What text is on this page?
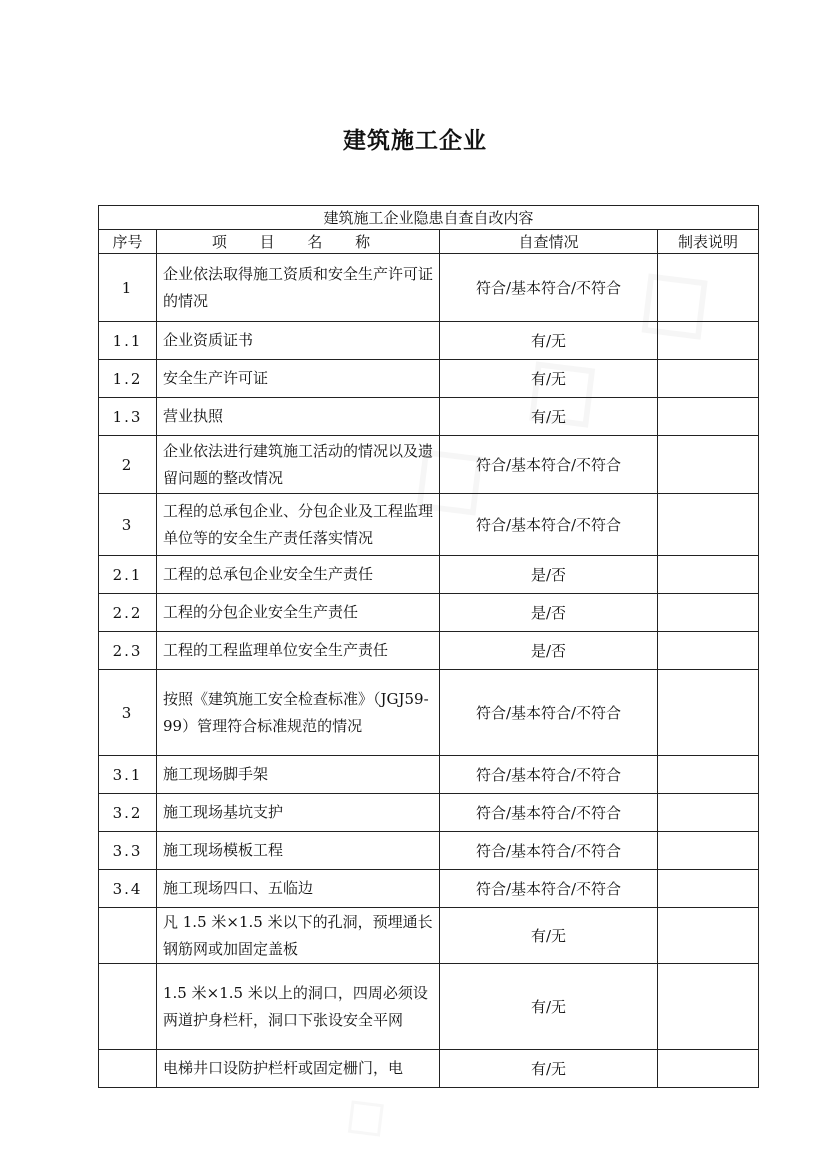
建筑施工企业
建筑施工企业隐患自查自改内容			
序号	项 目 名 称	自查情况	制表说明
1	企业依法取得施工资质和安全生产许可证的情况	符合/基本符合/不符合	
1.1	企业资质证书	有/无	
1.2	安全生产许可证	有/无	
1.3	营业执照	有/无	
2	企业依法进行建筑施工活动的情况以及遗留问题的整改情况	符合/基本符合/不符合	
3	工程的总承包企业、分包企业及工程监理单位等的安全生产责任落实情况	符合/基本符合/不符合	
2.1	工程的总承包企业安全生产责任	是/否	
2.2	工程的分包企业安全生产责任	是/否	
2.3	工程的工程监理单位安全生产责任	是/否	
3	按照《建筑施工安全检查标准》（JGJ59-99）管理符合标准规范的情况	符合/基本符合/不符合	
3.1	施工现场脚手架	符合/基本符合/不符合	
3.2	施工现场基坑支护	符合/基本符合/不符合	
3.3	施工现场模板工程	符合/基本符合/不符合	
3.4	施工现场四口、五临边	符合/基本符合/不符合	
	凡 1.5 米×1.5 米以下的孔洞，预埋通长钢筋网或加固定盖板	有/无	
	1.5 米×1.5 米以上的洞口，四周必须设两道护身栏杆，洞口下张设安全平网	有/无	
	电梯井口设防护栏杆或固定栅门，电	有/无	
